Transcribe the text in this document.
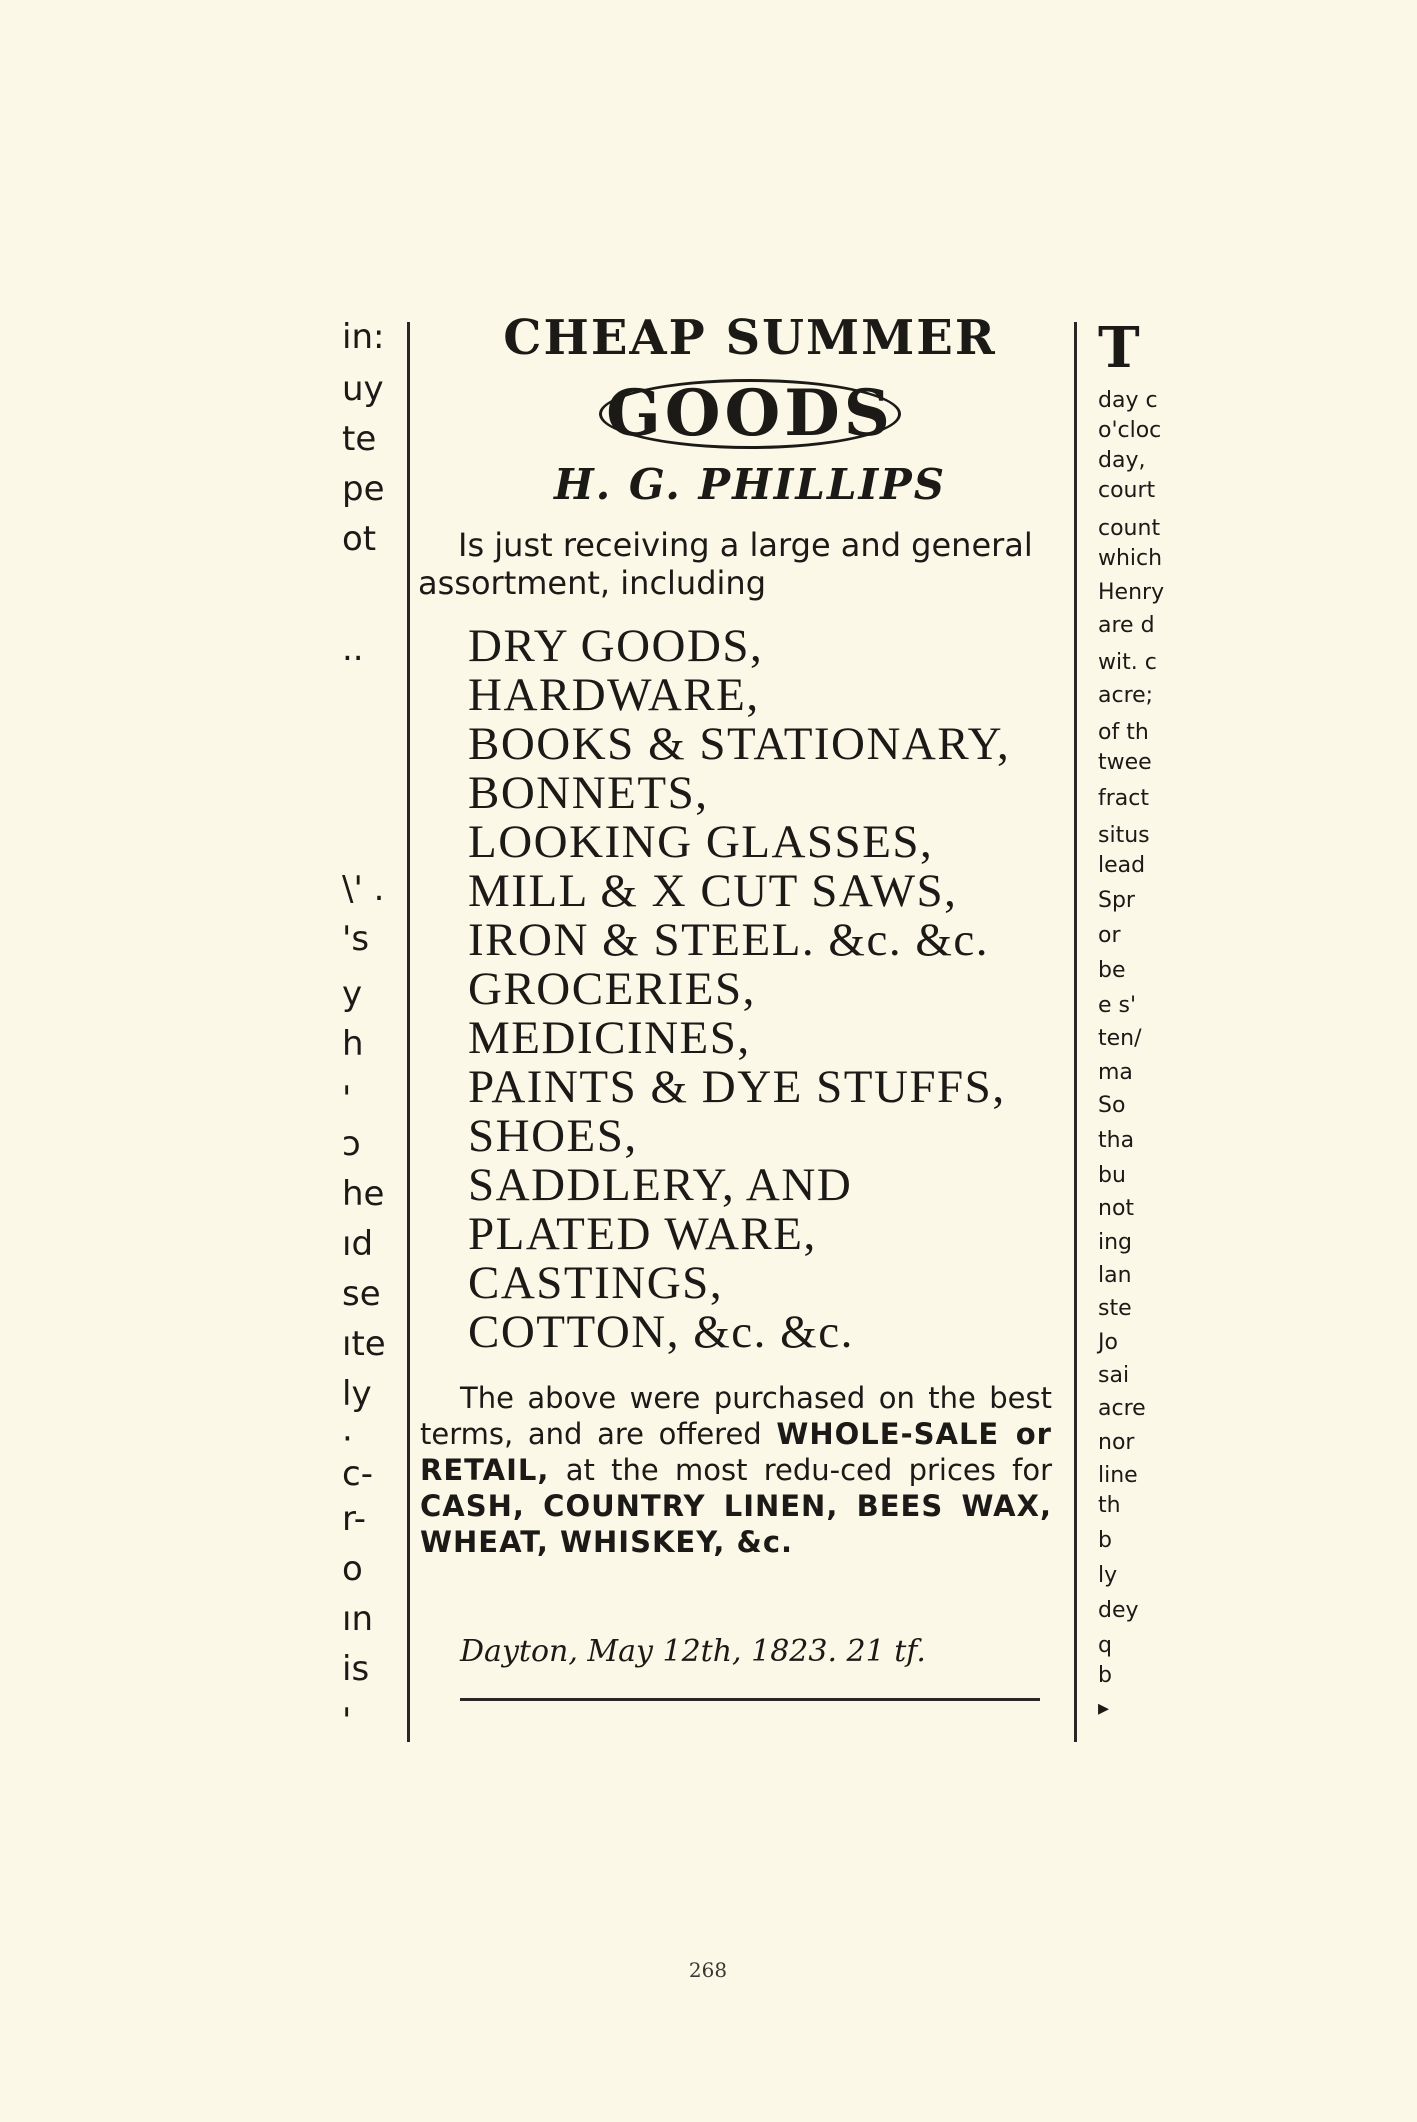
in:
uy
te
pe
ot
..
\' .
's
y
h
'
ɔ
he
ıd
se
ıte
ly
·
c-
r-
o
ın
is
'
CHEAP SUMMER
GOODS
H. G. PHILLIPS
Is just receiving a large and general
assortment, including
DRY GOODS,
HARDWARE,
BOOKS & STATIONARY,
BONNETS,
LOOKING GLASSES,
MILL & X CUT SAWS,
IRON & STEEL. &c. &c.
GROCERIES,
MEDICINES,
PAINTS & DYE STUFFS,
SHOES,
SADDLERY, AND
PLATED WARE,
CASTINGS,
COTTON, &c. &c.
The above were purchased on the best terms, and are offered WHOLE-SALE or RETAIL, at the most redu-ced prices for CASH, COUNTRY LINEN, BEES WAX, WHEAT, WHISKEY, &c.
Dayton, May 12th, 1823. 21 tf.
T
day c
o'cloc
day,
court
count
which
Henry
are d
wit. c
acre;
of th
twee
fract
situs
lead
Spr
or
be
e s'
ten/
ma
So
tha
bu
not
ing
lan
ste
Jo
sai
acre
nor
line
th
b
ly
dey
q
b
▸
268
